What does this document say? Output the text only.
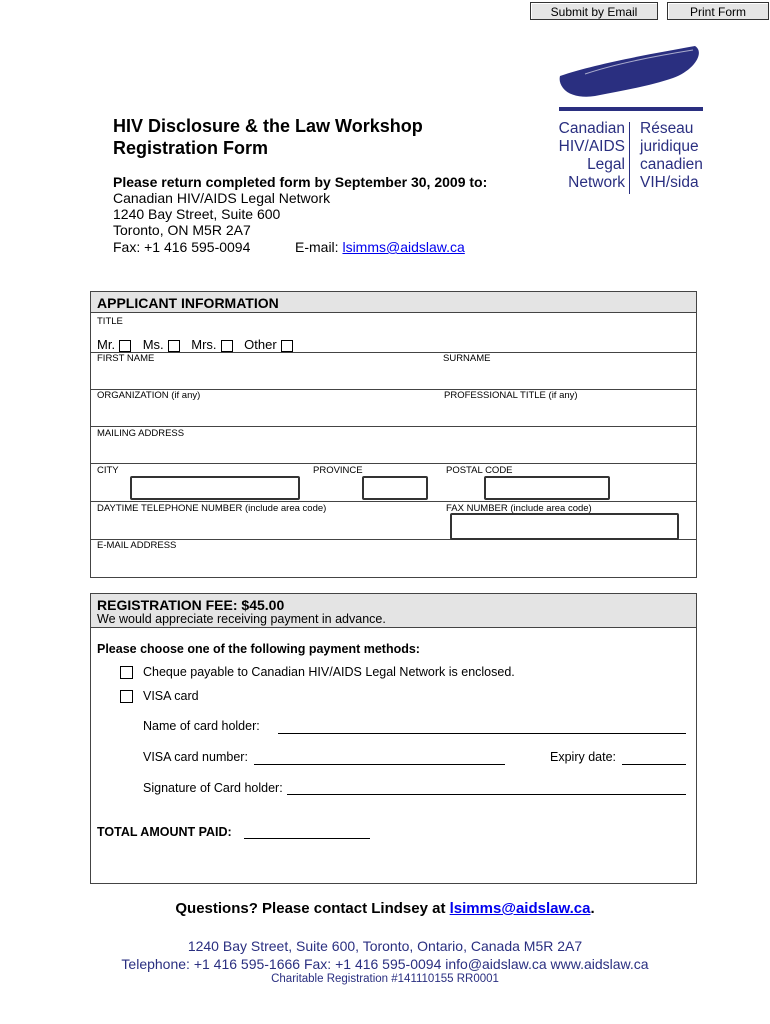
Submit by Email	Print Form
Canadian
HIV/AIDS
Legal
Network
Réseau
juridique
canadien
VIH/sida
HIV Disclosure & the Law Workshop
Registration Form
Please return completed form by September 30, 2009 to:
Canadian HIV/AIDS Legal Network
1240 Bay Street, Suite 600
Toronto, ON M5R 2A7
Fax: +1 416 595-0094	E-mail: lsimms@aidslaw.ca
APPLICANT INFORMATION
TITLE
Mr. Ms. Mrs. Other
FIRST NAME	SURNAME
ORGANIZATION (if any)	PROFESSIONAL TITLE (if any)
MAILING ADDRESS
CITY	PROVINCE	POSTAL CODE
DAYTIME TELEPHONE NUMBER (include area code)	FAX NUMBER (include area code)
E-MAIL ADDRESS
REGISTRATION FEE: $45.00
We would appreciate receiving payment in advance.
Please choose one of the following payment methods:
Cheque payable to Canadian HIV/AIDS Legal Network is enclosed.
VISA card
Name of card holder:
VISA card number:	Expiry date:
Signature of Card holder:
TOTAL AMOUNT PAID:
Questions? Please contact Lindsey at lsimms@aidslaw.ca.
1240 Bay Street, Suite 600, Toronto, Ontario, Canada M5R 2A7
Telephone: +1 416 595-1666 Fax: +1 416 595-0094 info@aidslaw.ca www.aidslaw.ca
Charitable Registration #141110155 RR0001
